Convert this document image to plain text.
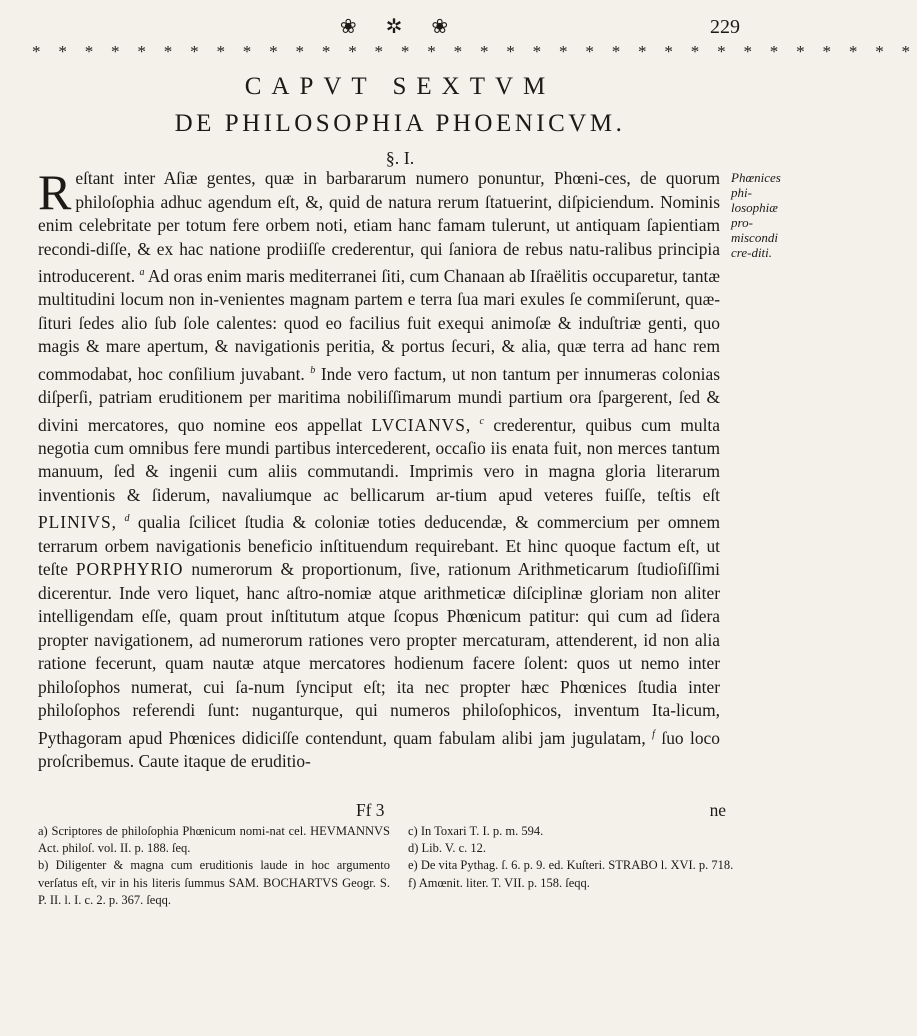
❀ ✲ ❀	229
* * * * * * * * * * * * * * * * * * * * * * * * * * * * * * * * * *
CAPVT SEXTVM
DE PHILOSOPHIA PHOENICVM.
§. I.
Reſtant inter Aſiæ gentes, quæ in barbararum numero ponuntur, Phœni-ces, de quorum philoſophia adhuc agendum eſt, &, quid de natura rerum ſtatuerint, diſpiciendum. Nominis enim celebritate per totum fere orbem noti, etiam hanc famam tulerunt, ut antiquam ſapientiam recondi-diſſe, & ex hac natione prodiiſſe crederentur, qui ſaniora de rebus natu-ralibus principia introducerent. $^a$ Ad oras enim maris mediterranei ſiti, cum Chanaan ab Iſraëlitis occuparetur, tantæ multitudini locum non in-venientes magnam partem e terra ſua mari exules ſe commiſerunt, quæ-ſituri ſedes alio ſub ſole calentes: quod eo facilius fuit exequi animoſæ & induſtriæ genti, quo magis & mare apertum, & navigationis peritia, & portus ſecuri, & alia, quæ terra ad hanc rem commodabat, hoc conſilium juvabant. $^b$ Inde vero factum, ut non tantum per innumeras colonias diſperſi, patriam eruditionem per maritima nobiliſſimarum mundi partium ora ſpargerent, ſed & divini mercatores, quo nomine eos appellat LVCIANVS, $^c$ crederentur, quibus cum multa negotia cum omnibus fere mundi partibus intercederent, occaſio iis enata fuit, non merces tantum manuum, ſed & ingenii cum aliis commutandi. Imprimis vero in magna gloria literarum inventionis & ſiderum, navaliumque ac bellicarum ar-tium apud veteres fuiſſe, teſtis eſt PLINIVS, $^d$ qualia ſcilicet ſtudia & coloniæ toties deducendæ, & commercium per omnem terrarum orbem navigationis beneficio inſtituendum requirebant. Et hinc quoque factum eſt, ut teſte PORPHYRIO numerorum & proportionum, ſive, rationum Arithmeticarum ſtudioſiſſimi dicerentur. Inde vero liquet, hanc aſtro-nomiæ atque arithmeticæ diſciplinæ gloriam non aliter intelligendam eſſe, quam prout inſtitutum atque ſcopus Phœnicum patitur: qui cum ad ſidera propter navigationem, ad numerorum rationes vero propter mercaturam, attenderent, id non alia ratione fecerunt, quam nautæ atque mercatores hodienum facere ſolent: quos ut nemo inter philoſophos numerat, cui ſa-num ſynciput eſt; ita nec propter hæc Phœnices ſtudia inter philoſophos referendi ſunt: nuganturque, qui numeros philoſophicos, inventum Ita-licum, Pythagoram apud Phœnices didiciſſe contendunt, quam fabulam alibi jam jugulatam, $^f$ ſuo loco proſcribemus. Caute itaque de eruditio-
Phœnices phi-losophiæ pro-miscondi cre-diti.
Ff 3	ne

a) Scriptores de philoſophia Phœnicum nomi-nat cel. HEVMANNVS Act. philoſ. vol. II. p. 188. ſeq.

b) Diligenter & magna cum eruditionis laude in hoc argumento verſatus eſt, vir in his literis ſummus SAM. BOCHARTVS Geogr. S. P. II. l. I. c. 2. p. 367. ſeqq.

c) In Toxari T. I. p. m. 594.

d) Lib. V. c. 12.

e) De vita Pythag. ſ. 6. p. 9. ed. Kuſteri. STRABO l. XVI. p. 718.

f) Amœnit. liter. T. VII. p. 158. ſeqq.
